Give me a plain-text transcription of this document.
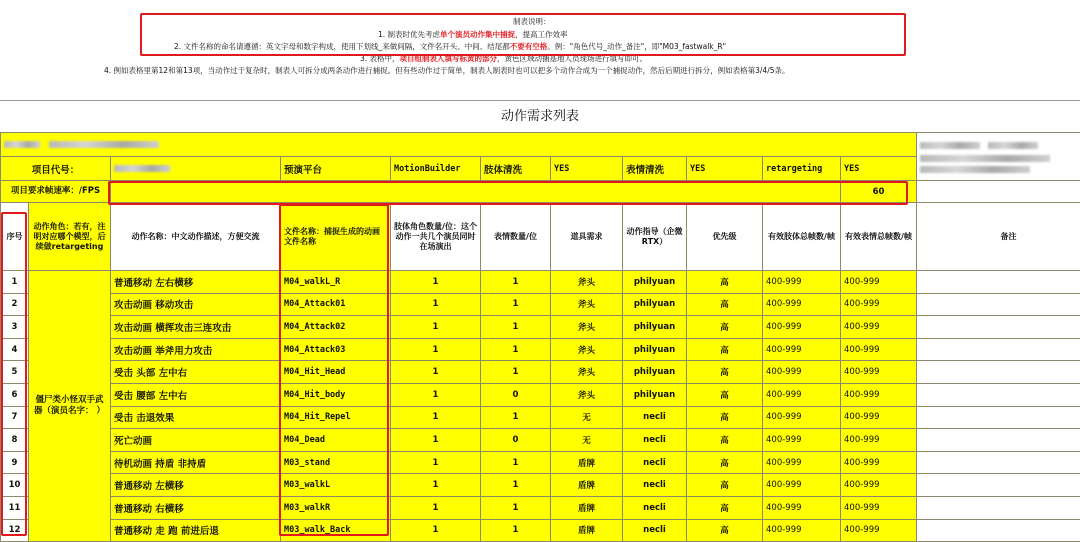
制表说明：
1. 制表时优先考虑单个演员动作集中捕捉，提高工作效率
2. 文件名称的命名请遵循：英文字母和数字构成，使用下划线_来做间隔，文件名开头、中间、结尾都不要有空格。例："角色代号_动作_备注"，即"M03_fastwalk_R"
3. 表格中，项目组制表人填写标黄的部分，黄色区域动捕基地人员现场进行填写即可。
4. 例如表格里第12和第13项，当动作过于复杂时，制表人可拆分成两条动作进行捕捉。但有些动作过于简单，制表人制表时也可以把多个动作合成为一个捕捉动作，然后后期进行拆分，例如表格第3/4/5条。
动作需求列表

项目代号：		预演平台	MotionBuilder	肢体清洗	YES	表情清洗	YES	retargeting	YES	
项目要求帧速率：/FPS									60	
序号	动作角色：若有，注明对应哪个模型，后续做retargeting	动作名称：中文动作描述，方便交流	文件名称：捕捉生成的动画文件名称	肢体角色数量/位：这个动作一共几个演员同时在场演出	表情数量/位	道具需求	动作指导（企微RTX）	优先级	有效肢体总帧数/帧	有效表情总帧数/帧	备注
1	僵尸类小怪双手武器（演员名字： ）	普通移动 左右横移	M04_walkL_R	1	1	斧头	philyuan	高	400-999	400-999	
2		攻击动画 移动攻击	M04_Attack01	1	1	斧头	philyuan	高	400-999	400-999	
3		攻击动画 横挥攻击三连攻击	M04_Attack02	1	1	斧头	philyuan	高	400-999	400-999	
4		攻击动画 举斧用力攻击	M04_Attack03	1	1	斧头	philyuan	高	400-999	400-999	
5		受击 头部 左中右	M04_Hit_Head	1	1	斧头	philyuan	高	400-999	400-999	
6		受击 腰部 左中右	M04_Hit_body	1	0	斧头	philyuan	高	400-999	400-999	
7		受击 击退效果	M04_Hit_Repel	1	1	无	necli	高	400-999	400-999	
8		死亡动画	M04_Dead	1	0	无	necli	高	400-999	400-999	
9		待机动画 持盾 非持盾	M03_stand	1	1	盾牌	necli	高	400-999	400-999	
10		普通移动 左横移	M03_walkL	1	1	盾牌	necli	高	400-999	400-999	
11		普通移动 右横移	M03_walkR	1	1	盾牌	necli	高	400-999	400-999	
12		普通移动 走 跑 前进后退	M03_walk_Back	1	1	盾牌	necli	高	400-999	400-999	
